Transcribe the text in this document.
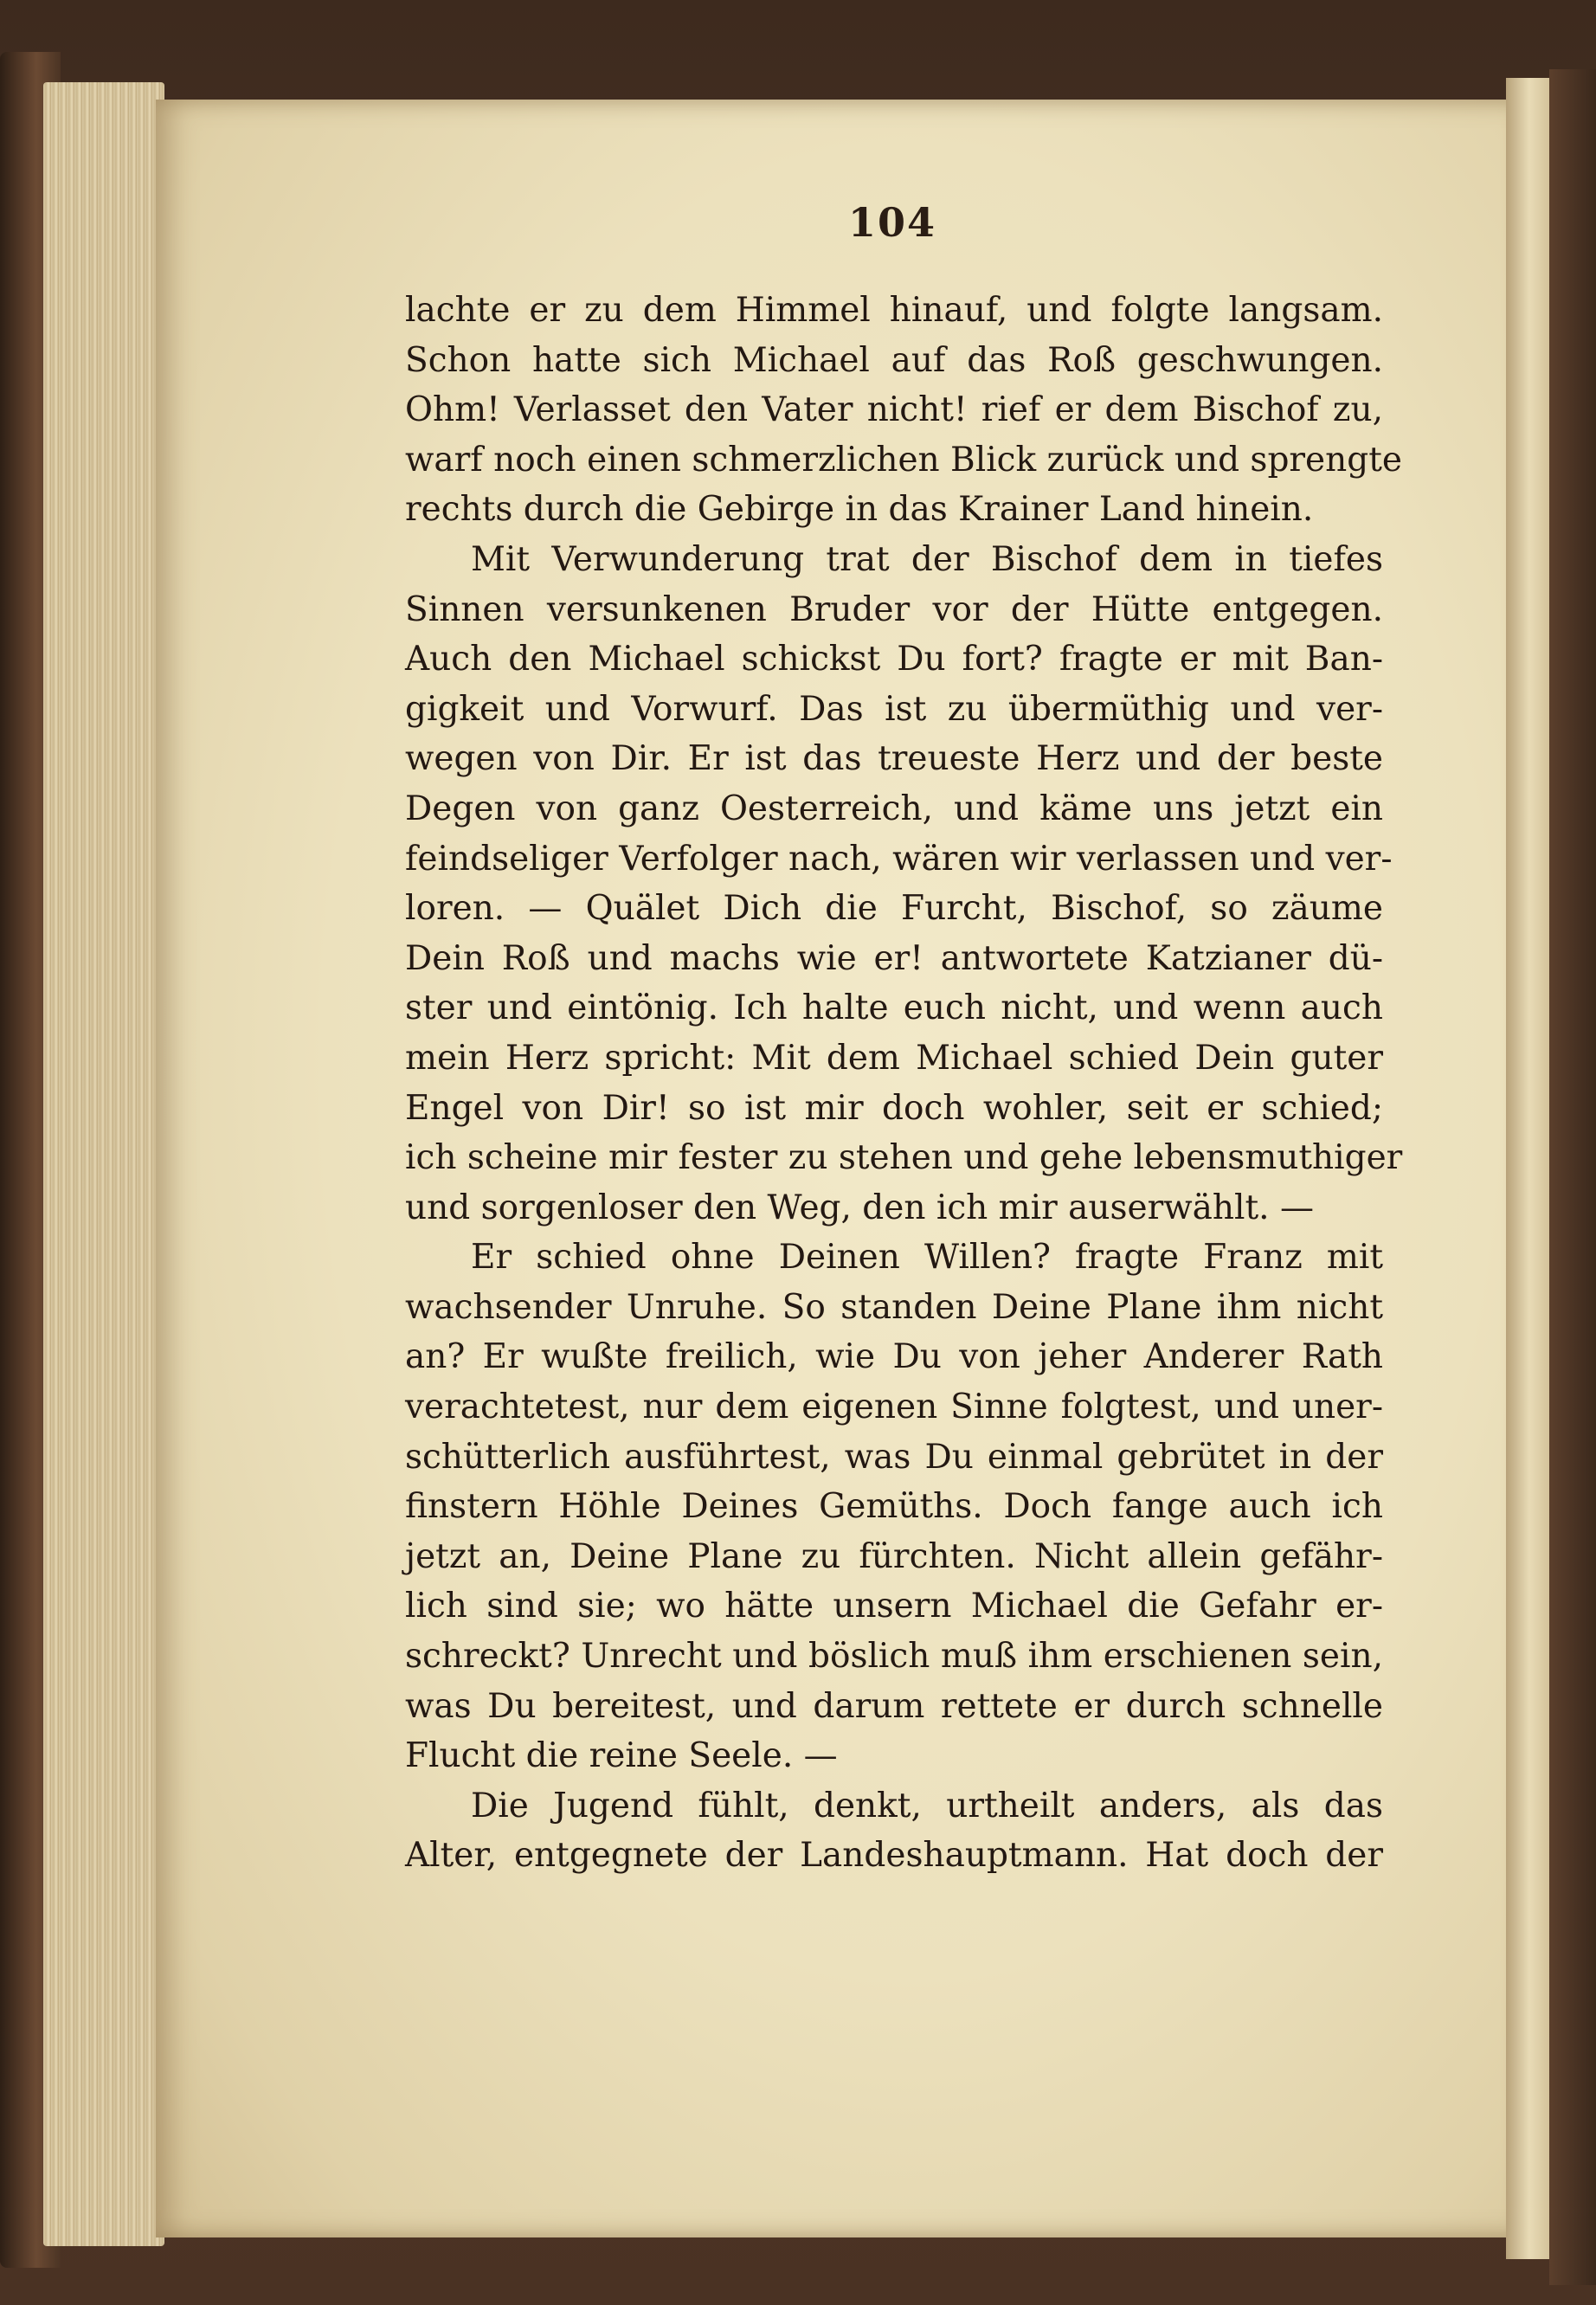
104
lachte er zu dem Himmel hinauf, und folgte langsam.
Schon hatte sich Michael auf das Roß geschwungen.
Ohm! Verlasset den Vater nicht! rief er dem Bischof zu,
warf noch einen schmerzlichen Blick zurück und sprengte
rechts durch die Gebirge in das Krainer Land hinein.
Mit Verwunderung trat der Bischof dem in tiefes
Sinnen versunkenen Bruder vor der Hütte entgegen.
Auch den Michael schickst Du fort? fragte er mit Ban-
gigkeit und Vorwurf. Das ist zu übermüthig und ver-
wegen von Dir. Er ist das treueste Herz und der beste
Degen von ganz Oesterreich, und käme uns jetzt ein
feindseliger Verfolger nach, wären wir verlassen und ver-
loren. — Quälet Dich die Furcht, Bischof, so zäume
Dein Roß und machs wie er! antwortete Katzianer dü-
ster und eintönig. Ich halte euch nicht, und wenn auch
mein Herz spricht: Mit dem Michael schied Dein guter
Engel von Dir! so ist mir doch wohler, seit er schied;
ich scheine mir fester zu stehen und gehe lebensmuthiger
und sorgenloser den Weg, den ich mir auserwählt. —
Er schied ohne Deinen Willen? fragte Franz mit
wachsender Unruhe. So standen Deine Plane ihm nicht
an? Er wußte freilich, wie Du von jeher Anderer Rath
verachtetest, nur dem eigenen Sinne folgtest, und uner-
schütterlich ausführtest, was Du einmal gebrütet in der
finstern Höhle Deines Gemüths. Doch fange auch ich
jetzt an, Deine Plane zu fürchten. Nicht allein gefähr-
lich sind sie; wo hätte unsern Michael die Gefahr er-
schreckt? Unrecht und böslich muß ihm erschienen sein,
was Du bereitest, und darum rettete er durch schnelle
Flucht die reine Seele. —
Die Jugend fühlt, denkt, urtheilt anders, als das
Alter, entgegnete der Landeshauptmann. Hat doch der
